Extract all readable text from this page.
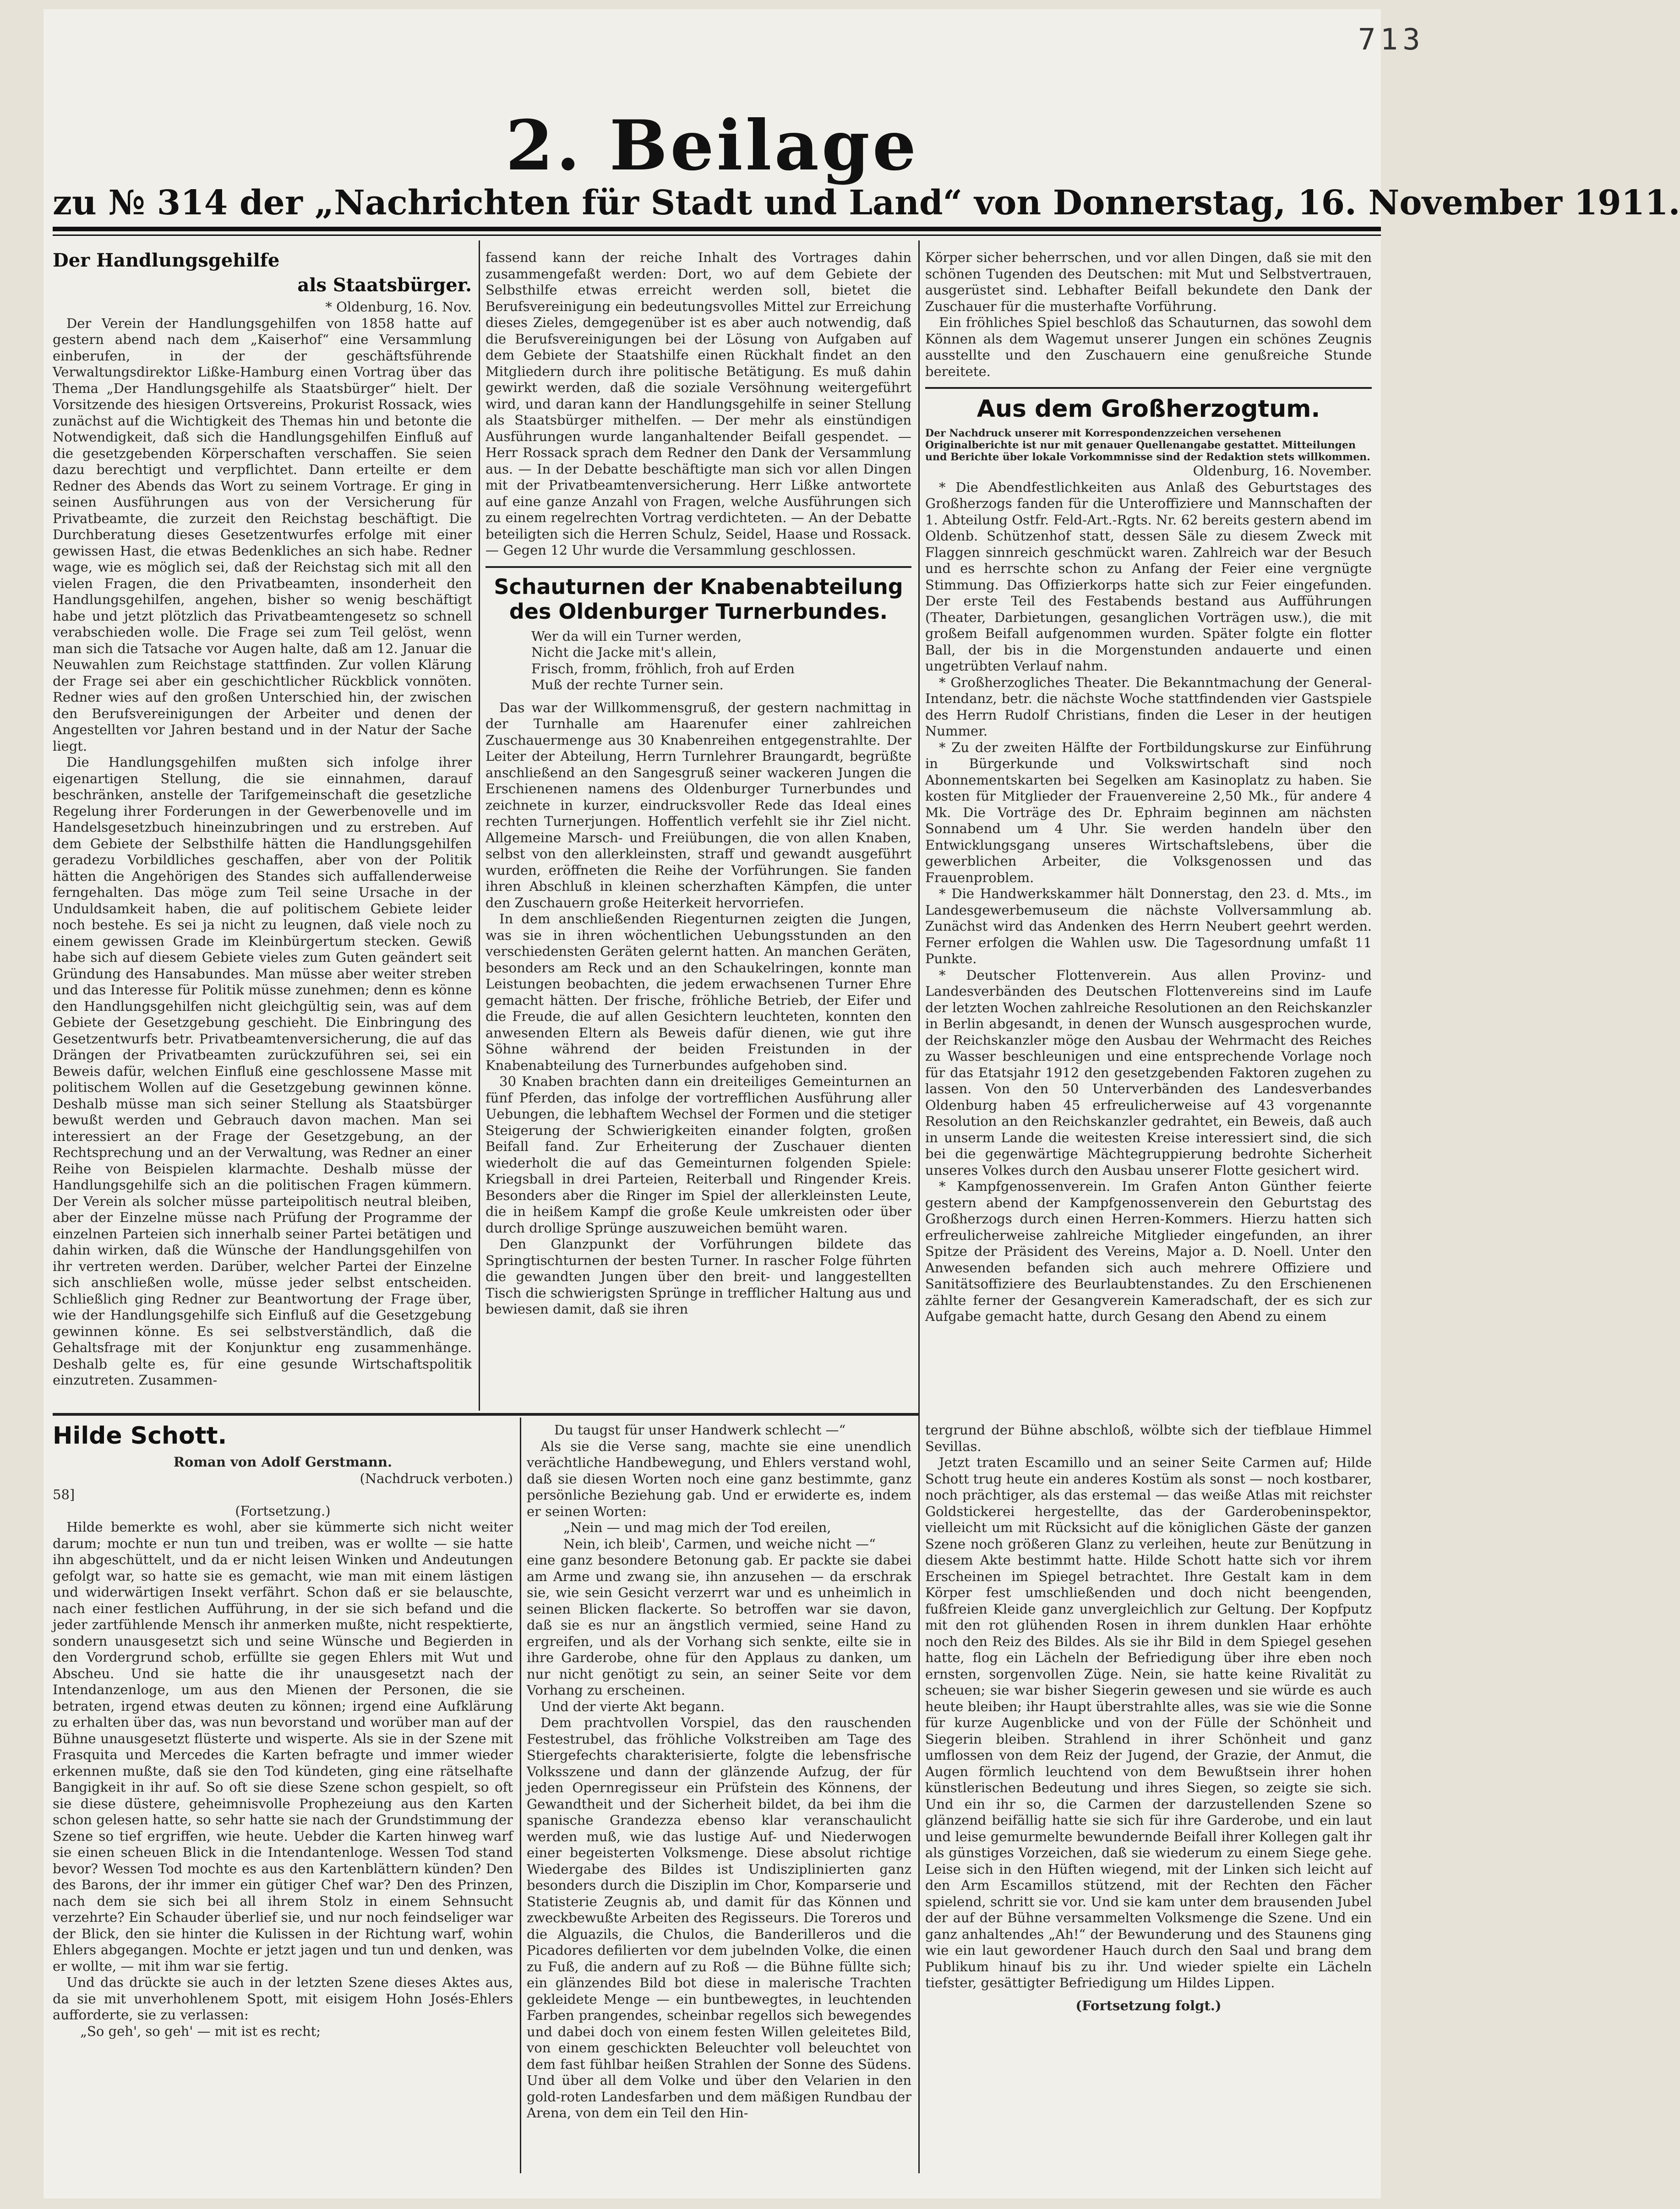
713
2. Beilage
zu № 314 der „Nachrichten für Stadt und Land“ von Donnerstag, 16. November 1911.
Der Handlungsgehilfe
als Staatsbürger.

* Oldenburg, 16. Nov.

Der Verein der Handlungsgehilfen von 1858 hatte auf gestern abend nach dem „Kaiserhof“ eine Versammlung einberufen, in der der geschäftsführende Verwaltungsdirektor Lißke-Hamburg einen Vortrag über das Thema „Der Handlungsgehilfe als Staatsbürger“ hielt. Der Vorsitzende des hiesigen Ortsvereins, Prokurist Rossack, wies zunächst auf die Wichtigkeit des Themas hin und betonte die Notwendigkeit, daß sich die Handlungsgehilfen Einfluß auf die gesetzgebenden Körperschaften verschaffen. Sie seien dazu berechtigt und verpflichtet. Dann erteilte er dem Redner des Abends das Wort zu seinem Vortrage. Er ging in seinen Ausführungen aus von der Versicherung für Privatbeamte, die zurzeit den Reichstag beschäftigt. Die Durchberatung dieses Gesetzentwurfes erfolge mit einer gewissen Hast, die etwas Bedenkliches an sich habe. Redner wage, wie es möglich sei, daß der Reichstag sich mit all den vielen Fragen, die den Privatbeamten, insonderheit den Handlungsgehilfen, angehen, bisher so wenig beschäftigt habe und jetzt plötzlich das Privatbeamtengesetz so schnell verabschieden wolle. Die Frage sei zum Teil gelöst, wenn man sich die Tatsache vor Augen halte, daß am 12. Januar die Neuwahlen zum Reichstage stattfinden. Zur vollen Klärung der Frage sei aber ein geschichtlicher Rückblick vonnöten. Redner wies auf den großen Unterschied hin, der zwischen den Berufsvereinigungen der Arbeiter und denen der Angestellten vor Jahren bestand und in der Natur der Sache liegt.

Die Handlungsgehilfen mußten sich infolge ihrer eigenartigen Stellung, die sie einnahmen, darauf beschränken, anstelle der Tarifgemeinschaft die gesetzliche Regelung ihrer Forderungen in der Gewerbenovelle und im Handelsgesetzbuch hineinzubringen und zu erstreben. Auf dem Gebiete der Selbsthilfe hätten die Handlungsgehilfen geradezu Vorbildliches geschaffen, aber von der Politik hätten die Angehörigen des Standes sich auffallenderweise ferngehalten. Das möge zum Teil seine Ursache in der Unduldsamkeit haben, die auf politischem Gebiete leider noch bestehe. Es sei ja nicht zu leugnen, daß viele noch zu einem gewissen Grade im Kleinbürgertum stecken. Gewiß habe sich auf diesem Gebiete vieles zum Guten geändert seit Gründung des Hansabundes. Man müsse aber weiter streben und das Interesse für Politik müsse zunehmen; denn es könne den Handlungsgehilfen nicht gleichgültig sein, was auf dem Gebiete der Gesetzgebung geschieht. Die Einbringung des Gesetzentwurfs betr. Privatbeamtenversicherung, die auf das Drängen der Privatbeamten zurückzuführen sei, sei ein Beweis dafür, welchen Einfluß eine geschlossene Masse mit politischem Wollen auf die Gesetzgebung gewinnen könne. Deshalb müsse man sich seiner Stellung als Staatsbürger bewußt werden und Gebrauch davon machen. Man sei interessiert an der Frage der Gesetzgebung, an der Rechtsprechung und an der Verwaltung, was Redner an einer Reihe von Beispielen klarmachte. Deshalb müsse der Handlungsgehilfe sich an die politischen Fragen kümmern. Der Verein als solcher müsse parteipolitisch neutral bleiben, aber der Einzelne müsse nach Prüfung der Programme der einzelnen Parteien sich innerhalb seiner Partei betätigen und dahin wirken, daß die Wünsche der Handlungsgehilfen von ihr vertreten werden. Darüber, welcher Partei der Einzelne sich anschließen wolle, müsse jeder selbst entscheiden. Schließlich ging Redner zur Beantwortung der Frage über, wie der Handlungsgehilfe sich Einfluß auf die Gesetzgebung gewinnen könne. Es sei selbstverständlich, daß die Gehaltsfrage mit der Konjunktur eng zusammenhänge. Deshalb gelte es, für eine gesunde Wirtschaftspolitik einzutreten. Zusammen-

fassend kann der reiche Inhalt des Vortrages dahin zusammengefaßt werden: Dort, wo auf dem Gebiete der Selbsthilfe etwas erreicht werden soll, bietet die Berufsvereinigung ein bedeutungsvolles Mittel zur Erreichung dieses Zieles, demgegenüber ist es aber auch notwendig, daß die Berufsvereinigungen bei der Lösung von Aufgaben auf dem Gebiete der Staatshilfe einen Rückhalt findet an den Mitgliedern durch ihre politische Betätigung. Es muß dahin gewirkt werden, daß die soziale Versöhnung weitergeführt wird, und daran kann der Handlungsgehilfe in seiner Stellung als Staatsbürger mithelfen. — Der mehr als einstündigen Ausführungen wurde langanhaltender Beifall gespendet. — Herr Rossack sprach dem Redner den Dank der Versammlung aus. — In der Debatte beschäftigte man sich vor allen Dingen mit der Privatbeamtenversicherung. Herr Lißke antwortete auf eine ganze Anzahl von Fragen, welche Ausführungen sich zu einem regelrechten Vortrag verdichteten. — An der Debatte beteiligten sich die Herren Schulz, Seidel, Haase und Rossack. — Gegen 12 Uhr wurde die Versammlung geschlossen.

Schauturnen der Knabenabteilung des Oldenburger Turnerbundes.

Wer da will ein Turner werden,

Nicht die Jacke mit's allein,

Frisch, fromm, fröhlich, froh auf Erden

Muß der rechte Turner sein.

Das war der Willkommensgruß, der gestern nachmittag in der Turnhalle am Haarenufer einer zahlreichen Zuschauermenge aus 30 Knabenreihen entgegenstrahlte. Der Leiter der Abteilung, Herrn Turnlehrer Braungardt, begrüßte anschließend an den Sangesgruß seiner wackeren Jungen die Erschienenen namens des Oldenburger Turnerbundes und zeichnete in kurzer, eindrucksvoller Rede das Ideal eines rechten Turnerjungen. Hoffentlich verfehlt sie ihr Ziel nicht. Allgemeine Marsch- und Freiübungen, die von allen Knaben, selbst von den allerkleinsten, straff und gewandt ausgeführt wurden, eröffneten die Reihe der Vorführungen. Sie fanden ihren Abschluß in kleinen scherzhaften Kämpfen, die unter den Zuschauern große Heiterkeit hervorriefen.

In dem anschließenden Riegenturnen zeigten die Jungen, was sie in ihren wöchentlichen Uebungsstunden an den verschiedensten Geräten gelernt hatten. An manchen Geräten, besonders am Reck und an den Schaukelringen, konnte man Leistungen beobachten, die jedem erwachsenen Turner Ehre gemacht hätten. Der frische, fröhliche Betrieb, der Eifer und die Freude, die auf allen Gesichtern leuchteten, konnten den anwesenden Eltern als Beweis dafür dienen, wie gut ihre Söhne während der beiden Freistunden in der Knabenabteilung des Turnerbundes aufgehoben sind.

30 Knaben brachten dann ein dreiteiliges Gemeinturnen an fünf Pferden, das infolge der vortrefflichen Ausführung aller Uebungen, die lebhaftem Wechsel der Formen und die stetiger Steigerung der Schwierigkeiten einander folgten, großen Beifall fand. Zur Erheiterung der Zuschauer dienten wiederholt die auf das Gemeinturnen folgenden Spiele: Kriegsball in drei Parteien, Reiterball und Ringender Kreis. Besonders aber die Ringer im Spiel der allerkleinsten Leute, die in heißem Kampf die große Keule umkreisten oder über durch drollige Sprünge auszuweichen bemüht waren.

Den Glanzpunkt der Vorführungen bildete das Springtischturnen der besten Turner. In rascher Folge führten die gewandten Jungen über den breit- und langgestellten Tisch die schwierigsten Sprünge in trefflicher Haltung aus und bewiesen damit, daß sie ihren

Körper sicher beherrschen, und vor allen Dingen, daß sie mit den schönen Tugenden des Deutschen: mit Mut und Selbstvertrauen, ausgerüstet sind. Lebhafter Beifall bekundete den Dank der Zuschauer für die musterhafte Vorführung.

Ein fröhliches Spiel beschloß das Schauturnen, das sowohl dem Können als dem Wagemut unserer Jungen ein schönes Zeugnis ausstellte und den Zuschauern eine genußreiche Stunde bereitete.

Aus dem Großherzogtum.

Der Nachdruck unserer mit Korrespondenzzeichen versehenen Originalberichte ist nur mit genauer Quellenangabe gestattet. Mitteilungen und Berichte über lokale Vorkommnisse sind der Redaktion stets willkommen.

Oldenburg, 16. November.

* Die Abendfestlichkeiten aus Anlaß des Geburtstages des Großherzogs fanden für die Unteroffiziere und Mannschaften der 1. Abteilung Ostfr. Feld-Art.-Rgts. Nr. 62 bereits gestern abend im Oldenb. Schützenhof statt, dessen Säle zu diesem Zweck mit Flaggen sinnreich geschmückt waren. Zahlreich war der Besuch und es herrschte schon zu Anfang der Feier eine vergnügte Stimmung. Das Offizierkorps hatte sich zur Feier eingefunden. Der erste Teil des Festabends bestand aus Aufführungen (Theater, Darbietungen, gesanglichen Vorträgen usw.), die mit großem Beifall aufgenommen wurden. Später folgte ein flotter Ball, der bis in die Morgenstunden andauerte und einen ungetrübten Verlauf nahm.

* Großherzogliches Theater. Die Bekanntmachung der General-Intendanz, betr. die nächste Woche stattfindenden vier Gastspiele des Herrn Rudolf Christians, finden die Leser in der heutigen Nummer.

* Zu der zweiten Hälfte der Fortbildungskurse zur Einführung in Bürgerkunde und Volkswirtschaft sind noch Abonnementskarten bei Segelken am Kasinoplatz zu haben. Sie kosten für Mitglieder der Frauenvereine 2,50 Mk., für andere 4 Mk. Die Vorträge des Dr. Ephraim beginnen am nächsten Sonnabend um 4 Uhr. Sie werden handeln über den Entwicklungsgang unseres Wirtschaftslebens, über die gewerblichen Arbeiter, die Volksgenossen und das Frauenproblem.

* Die Handwerkskammer hält Donnerstag, den 23. d. Mts., im Landesgewerbemuseum die nächste Vollversammlung ab. Zunächst wird das Andenken des Herrn Neubert geehrt werden. Ferner erfolgen die Wahlen usw. Die Tagesordnung umfaßt 11 Punkte.

* Deutscher Flottenverein. Aus allen Provinz- und Landesverbänden des Deutschen Flottenvereins sind im Laufe der letzten Wochen zahlreiche Resolutionen an den Reichskanzler in Berlin abgesandt, in denen der Wunsch ausgesprochen wurde, der Reichskanzler möge den Ausbau der Wehrmacht des Reiches zu Wasser beschleunigen und eine entsprechende Vorlage noch für das Etatsjahr 1912 den gesetzgebenden Faktoren zugehen zu lassen. Von den 50 Unterverbänden des Landesverbandes Oldenburg haben 45 erfreulicherweise auf 43 vorgenannte Resolution an den Reichskanzler gedrahtet, ein Beweis, daß auch in unserm Lande die weitesten Kreise interessiert sind, die sich bei die gegenwärtige Mächtegruppierung bedrohte Sicherheit unseres Volkes durch den Ausbau unserer Flotte gesichert wird.

* Kampfgenossenverein. Im Grafen Anton Günther feierte gestern abend der Kampfgenossenverein den Geburtstag des Großherzogs durch einen Herren-Kommers. Hierzu hatten sich erfreulicherweise zahlreiche Mitglieder eingefunden, an ihrer Spitze der Präsident des Vereins, Major a. D. Noell. Unter den Anwesenden befanden sich auch mehrere Offiziere und Sanitätsoffiziere des Beurlaubtenstandes. Zu den Erschienenen zählte ferner der Gesangverein Kameradschaft, der es sich zur Aufgabe gemacht hatte, durch Gesang den Abend zu einem

Hilde Schott.

Roman von Adolf Gerstmann.

(Nachdruck verboten.)

58]

(Fortsetzung.)

Hilde bemerkte es wohl, aber sie kümmerte sich nicht weiter darum; mochte er nun tun und treiben, was er wollte — sie hatte ihn abgeschüttelt, und da er nicht leisen Winken und Andeutungen gefolgt war, so hatte sie es gemacht, wie man mit einem lästigen und widerwärtigen Insekt verfährt. Schon daß er sie belauschte, nach einer festlichen Aufführung, in der sie sich befand und die jeder zartfühlende Mensch ihr anmerken mußte, nicht respektierte, sondern unausgesetzt sich und seine Wünsche und Begierden in den Vordergrund schob, erfüllte sie gegen Ehlers mit Wut und Abscheu. Und sie hatte die ihr unausgesetzt nach der Intendanzenloge, um aus den Mienen der Personen, die sie betraten, irgend etwas deuten zu können; irgend eine Aufklärung zu erhalten über das, was nun bevorstand und worüber man auf der Bühne unausgesetzt flüsterte und wisperte. Als sie in der Szene mit Frasquita und Mercedes die Karten befragte und immer wieder erkennen mußte, daß sie den Tod kündeten, ging eine rätselhafte Bangigkeit in ihr auf. So oft sie diese Szene schon gespielt, so oft sie diese düstere, geheimnisvolle Prophezeiung aus den Karten schon gelesen hatte, so sehr hatte sie nach der Grundstimmung der Szene so tief ergriffen, wie heute. Uebder die Karten hinweg warf sie einen scheuen Blick in die Intendantenloge. Wessen Tod stand bevor? Wessen Tod mochte es aus den Kartenblättern künden? Den des Barons, der ihr immer ein gütiger Chef war? Den des Prinzen, nach dem sie sich bei all ihrem Stolz in einem Sehnsucht verzehrte? Ein Schauder überlief sie, und nur noch feindseliger war der Blick, den sie hinter die Kulissen in der Richtung warf, wohin Ehlers abgegangen. Mochte er jetzt jagen und tun und denken, was er wollte, — mit ihm war sie fertig.

Und das drückte sie auch in der letzten Szene dieses Aktes aus, da sie mit unverhohlenem Spott, mit eisigem Hohn Josés-Ehlers aufforderte, sie zu verlassen:

„So geh', so geh' — mit ist es recht;

Du taugst für unser Handwerk schlecht —“

Als sie die Verse sang, machte sie eine unendlich verächtliche Handbewegung, und Ehlers verstand wohl, daß sie diesen Worten noch eine ganz bestimmte, ganz persönliche Beziehung gab. Und er erwiderte es, indem er seinen Worten:

„Nein — und mag mich der Tod ereilen,

Nein, ich bleib', Carmen, und weiche nicht —“

eine ganz besondere Betonung gab. Er packte sie dabei am Arme und zwang sie, ihn anzusehen — da erschrak sie, wie sein Gesicht verzerrt war und es unheimlich in seinen Blicken flackerte. So betroffen war sie davon, daß sie es nur an ängstlich vermied, seine Hand zu ergreifen, und als der Vorhang sich senkte, eilte sie in ihre Garderobe, ohne für den Applaus zu danken, um nur nicht genötigt zu sein, an seiner Seite vor dem Vorhang zu erscheinen.

Und der vierte Akt begann.

Dem prachtvollen Vorspiel, das den rauschenden Festestrubel, das fröhliche Volkstreiben am Tage des Stiergefechts charakterisierte, folgte die lebensfrische Volksszene und dann der glänzende Aufzug, der für jeden Opernregisseur ein Prüfstein des Könnens, der Gewandtheit und der Sicherheit bildet, da bei ihm die spanische Grandezza ebenso klar veranschaulicht werden muß, wie das lustige Auf- und Niederwogen einer begeisterten Volksmenge. Diese absolut richtige Wiedergabe des Bildes ist Undisziplinierten ganz besonders durch die Disziplin im Chor, Komparserie und Statisterie Zeugnis ab, und damit für das Können und zweckbewußte Arbeiten des Regisseurs. Die Toreros und die Alguazils, die Chulos, die Banderilleros und die Picadores defilierten vor dem jubelnden Volke, die einen zu Fuß, die andern auf zu Roß — die Bühne füllte sich; ein glänzendes Bild bot diese in malerische Trachten gekleidete Menge — ein buntbewegtes, in leuchtenden Farben prangendes, scheinbar regellos sich bewegendes und dabei doch von einem festen Willen geleitetes Bild, von einem geschickten Beleuchter voll beleuchtet von dem fast fühlbar heißen Strahlen der Sonne des Südens. Und über all dem Volke und über den Velarien in den gold-roten Landesfarben und dem mäßigen Rundbau der Arena, von dem ein Teil den Hin-

tergrund der Bühne abschloß, wölbte sich der tiefblaue Himmel Sevillas.

Jetzt traten Escamillo und an seiner Seite Carmen auf; Hilde Schott trug heute ein anderes Kostüm als sonst — noch kostbarer, noch prächtiger, als das erstemal — das weiße Atlas mit reichster Goldstickerei hergestellte, das der Garderobeninspektor, vielleicht um mit Rücksicht auf die königlichen Gäste der ganzen Szene noch größeren Glanz zu verleihen, heute zur Benützung in diesem Akte bestimmt hatte. Hilde Schott hatte sich vor ihrem Erscheinen im Spiegel betrachtet. Ihre Gestalt kam in dem Körper fest umschließenden und doch nicht beengenden, fußfreien Kleide ganz unvergleichlich zur Geltung. Der Kopfputz mit den rot glühenden Rosen in ihrem dunklen Haar erhöhte noch den Reiz des Bildes. Als sie ihr Bild in dem Spiegel gesehen hatte, flog ein Lächeln der Befriedigung über ihre eben noch ernsten, sorgenvollen Züge. Nein, sie hatte keine Rivalität zu scheuen; sie war bisher Siegerin gewesen und sie würde es auch heute bleiben; ihr Haupt überstrahlte alles, was sie wie die Sonne für kurze Augenblicke und von der Fülle der Schönheit und Siegerin bleiben. Strahlend in ihrer Schönheit und ganz umflossen von dem Reiz der Jugend, der Grazie, der Anmut, die Augen förmlich leuchtend von dem Bewußtsein ihrer hohen künstlerischen Bedeutung und ihres Siegen, so zeigte sie sich. Und ein ihr so, die Carmen der darzustellenden Szene so glänzend beifällig hatte sie sich für ihre Garderobe, und ein laut und leise gemurmelte bewundernde Beifall ihrer Kollegen galt ihr als günstiges Vorzeichen, daß sie wiederum zu einem Siege gehe. Leise sich in den Hüften wiegend, mit der Linken sich leicht auf den Arm Escamillos stützend, mit der Rechten den Fächer spielend, schritt sie vor. Und sie kam unter dem brausenden Jubel der auf der Bühne versammelten Volksmenge die Szene. Und ein ganz anhaltendes „Ah!“ der Bewunderung und des Staunens ging wie ein laut gewordener Hauch durch den Saal und brang dem Publikum hinauf bis zu ihr. Und wieder spielte ein Lächeln tiefster, gesättigter Befriedigung um Hildes Lippen.

(Fortsetzung folgt.)
